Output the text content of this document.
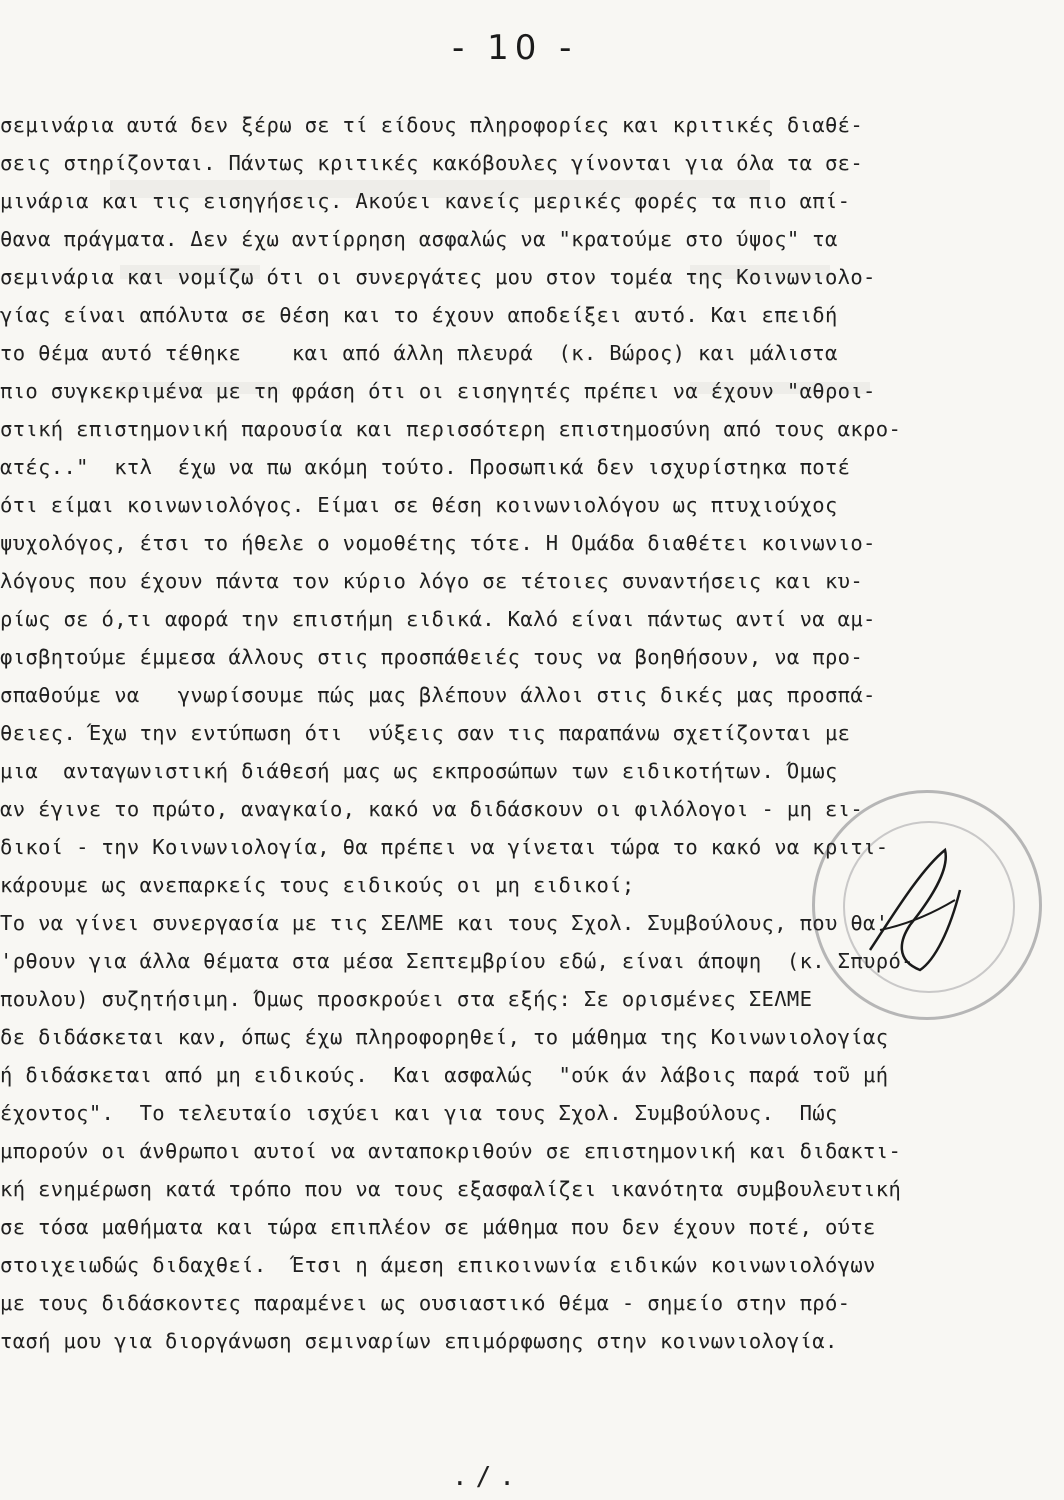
- 10 -
σεμινάρια αυτά δεν ξέρω σε τί είδους πληροφορίες και κριτικές διαθέ-
σεις στηρίζονται. Πάντως κριτικές κακόβουλες γίνονται για όλα τα σε-
μινάρια και τις εισηγήσεις. Ακούει κανείς μερικές φορές τα πιο απί-
θανα πράγματα. Δεν έχω αντίρρηση ασφαλώς να "κρατούμε στο ύψος" τα
σεμινάρια και νομίζω ότι οι συνεργάτες μου στον τομέα της Κοινωνιολο-
γίας είναι απόλυτα σε θέση και το έχουν αποδείξει αυτό. Και επειδή
το θέμα αυτό τέθηκε    και από άλλη πλευρά  (κ. Βώρος) και μάλιστα
πιο συγκεκριμένα με τη φράση ότι οι εισηγητές πρέπει να έχουν "αθροι-
στική επιστημονική παρουσία και περισσότερη επιστημοσύνη από τους ακρο-
ατές.."  κτλ  έχω να πω ακόμη τούτο. Προσωπικά δεν ισχυρίστηκα ποτέ
ότι είμαι κοινωνιολόγος. Είμαι σε θέση κοινωνιολόγου ως πτυχιούχος
ψυχολόγος, έτσι το ήθελε ο νομοθέτης τότε. Η Ομάδα διαθέτει κοινωνιο-
λόγους που έχουν πάντα τον κύριο λόγο σε τέτοιες συναντήσεις και κυ-
ρίως σε ό,τι αφορά την επιστήμη ειδικά. Καλό είναι πάντως αντί να αμ-
φισβητούμε έμμεσα άλλους στις προσπάθειές τους να βοηθήσουν, να προ-
σπαθούμε να   γνωρίσουμε πώς μας βλέπουν άλλοι στις δικές μας προσπά-
θειες. Έχω την εντύπωση ότι  νύξεις σαν τις παραπάνω σχετίζονται με
μια  ανταγωνιστική διάθεσή μας ως εκπροσώπων των ειδικοτήτων. Όμως
αν έγινε το πρώτο, αναγκαίο, κακό να διδάσκουν οι φιλόλογοι - μη ει-
δικοί - την Κοινωνιολογία, θα πρέπει να γίνεται τώρα το κακό να κριτι-
κάρουμε ως ανεπαρκείς τους ειδικούς οι μη ειδικοί;
Το να γίνει συνεργασία με τις ΣΕΛΜΕ και τους Σχολ. Συμβούλους, που θα'
'ρθουν για άλλα θέματα στα μέσα Σεπτεμβρίου εδώ, είναι άποψη  (κ. Σπυρό-
πουλου) συζητήσιμη. Όμως προσκρούει στα εξής: Σε ορισμένες ΣΕΛΜΕ
δε διδάσκεται καν, όπως έχω πληροφορηθεί, το μάθημα της Κοινωνιολογίας
ή διδάσκεται από μη ειδικούς.  Και ασφαλώς  "ούκ άν λάβοις παρά τοῦ μή
έχοντος".  Το τελευταίο ισχύει και για τους Σχολ. Συμβούλους.  Πώς
μπορούν οι άνθρωποι αυτοί να ανταποκριθούν σε επιστημονική και διδακτι-
κή ενημέρωση κατά τρόπο που να τους εξασφαλίζει ικανότητα συμβουλευτική
σε τόσα μαθήματα και τώρα επιπλέον σε μάθημα που δεν έχουν ποτέ, ούτε
στοιχειωδώς διδαχθεί.  Έτσι η άμεση επικοινωνία ειδικών κοινωνιολόγων
με τους διδάσκοντες παραμένει ως ουσιαστικό θέμα - σημείο στην πρό-
τασή μου για διοργάνωση σεμιναρίων επιμόρφωσης στην κοινωνιολογία.
./.
